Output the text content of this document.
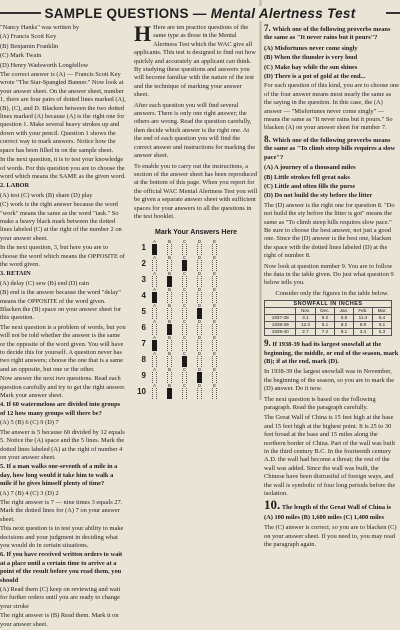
SAMPLE QUESTIONS — Mental Alertness Test

"Nancy Hanks" was written by

(A) Francis Scott Key

(B) Benjamin Franklin

(C) Mark Twain

(D) Henry Wadsworth Longfellow

The correct answer is (A) — Francis Scott Key wrote "The Star-Spangled Banner." Now look at your answer sheet. On the answer sheet, number 1, there are four pairs of dotted lines marked (A), (B), (C), and D. Blacken between the two dotted lines marked (A) because (A) is the right one for question 1. Make several heavy strokes up and down with your pencil. Question 1 shows the correct way to mark answers. Notice how the space has been filled in on the sample sheet.

In the next question, it is to test your knowledge of words. For this question you are to choose the word which means the SAME as the given word.

2. LABOR

(A) test (C) work (B) share (D) play

(C) work is the right answer because the word "work" means the same as the word "task." So make a heavy black mark between the dotted lines labeled (C) at the right of the number 2 on your answer sheet.

In the next question, 3, but here you are to choose the word which means the OPPOSITE of the word given.

3. RETAIN

(A) delay (C) sew (B) end (D) rain

(B) end is the answer because the word "delay" means the OPPOSITE of the word given. Blacken the (B) space on your answer sheet for this question.

The next question is a problem of words, but you will not be told whether the answer is the same or the opposite of the word given. You will have to decide this for yourself. A question never has two right answers; choose the one that is a same and an opposite, but one or the other.

Now answer the next two questions. Read each question carefully and try to get the right answer. Mark your answer sheet.

4. If 60 watermelons are divided into groups of 12 how many groups will there be?

(A) 5 (B) 6 (C) 9 (D) 7

The answer is 5 because 60 divided by 12 equals 5. Notice the (A) space and the 5 lines. Mark the dotted lines labeled (A) at the right of number 4 on your answer sheet.

5. If a man walks one-seventh of a mile in a day, how long would it take him to walk a mile if he gives himself plenty of time?

(A) 7 (B) 4 (C) 3 (D) 2

The right answer is 7 — nine times 3 equals 27. Mark the dotted lines for (A) 7 on your answer sheet.

This next question is to test your ability to make decisions and your judgment in deciding what you would do in certain situations.

6. If you have received written orders to wait at a place until a certain time to arrive at a point of the result before you read them, you should

(A) Read them (C) keep on reviewing and wait for further orders until you are ready to change your stroke

The right answer is (B) Read them. Mark it on your answer sheet.

H Here are ten practice questions of the same type as those in the Mental Alertness Test which the WAC give all applicants. This test is designed to find out how quickly and accurately an applicant can think. By studying these questions and answers you will become familiar with the nature of the test and the technique of marking your answer sheet.

After each question you will find several answers. There is only one right answer; the others are wrong. Read the question carefully, then decide which answer is the right one. At the end of each question you will find the correct answer and instructions for marking the answer sheet.

To enable you to carry out the instructions, a section of the answer sheet has been reproduced at the bottom of this page. When you report for the official WAC Mental Alertness Test you will be given a separate answer sheet with sufficient spaces for your answers to all the questions in the test booklet.

Mark Your Answers Here
1
A	B	C	D	E
2
A	B	C	D	E
3
A	B	C	D	E
4
A	B	C	D	E
5
A	B	C	D	E
6
A	B	C	D	E
7
A	B	C	D	E
8
A	B	C	D	E
9
A	B	C	D	E
10
A	B	C	D	E

7. Which one of the following proverbs means the same as "It never rains but it pours"?

(A) Misfortunes never come singly
(B) When the thunder is very loud
(C) Make hay while the sun shines
(D) There is a pot of gold at the end...

For each question of this kind, you are to choose one of the four answer means most nearly the same as the saying in the question. In this case, the (A) answer — "Misfortunes never come singly" — means the same as "It never rains but it pours." So blacken (A) on your answer sheet for number 7.

8. Which one of the following proverbs means the same as "To climb steep hills requires a slow pace"?

(A) A journey of a thousand miles
(B) Little strokes fell great oaks
(C) Little and often fills the purse
(D) Do not build the sty before the litter

The (D) answer is the right one for question 8. "Do not build the sty before the litter is got" means the same as "To climb steep hills requires slow pace." Be sure to choose the best answer, not just a good one. Since the (D) answer is the best one, blacken the space with the dotted lines labeled (D) at the right of number 8.

Now look at question number 9. You are to follow the data in the table given. Do just what question 9 below tells you.

Consider only the figures in the table below.

SNOWFALL IN INCHES					
	Nov.	Dec.	Jan.	Feb.	Mar.
1937-38	3.1	9.2	5.5	11.4	6.4
1938-39	12.3	5.1	8.2	5.9	6.1
1939-40	2.7	7.2	9.1	3.4	5.3

9. If 1938-39 had its largest snowfall at the beginning, the middle, or end of the season, mark (B); if at the end, mark (D).

In 1938-39 the largest snowfall was in November, the beginning of the season, so you are to mark the (D) answer. Do it now.

The next question is based on the following paragraph. Read the paragraph carefully.

The Great Wall of China is 15 feet high at the base and 15 feet high at the highest point. It is 25 to 30 feet broad at the base and 15 miles along the northern border of China. Part of the wall was built in the third century B.C. In the fourteenth century A.D. the wall had become a threat; the rest of the wall was added. Since the wall was built, the Chinese have been distrustful of foreign ways, and the wall is symbolic of four long periods before the isolation.

10. The length of the Great Wall of China is

(A) 100 miles (B) 1,600 miles (C) 1,400 miles

The (C) answer is correct, so you are to blacken (C) on your answer sheet. If you need to, you may read the paragraph again.
